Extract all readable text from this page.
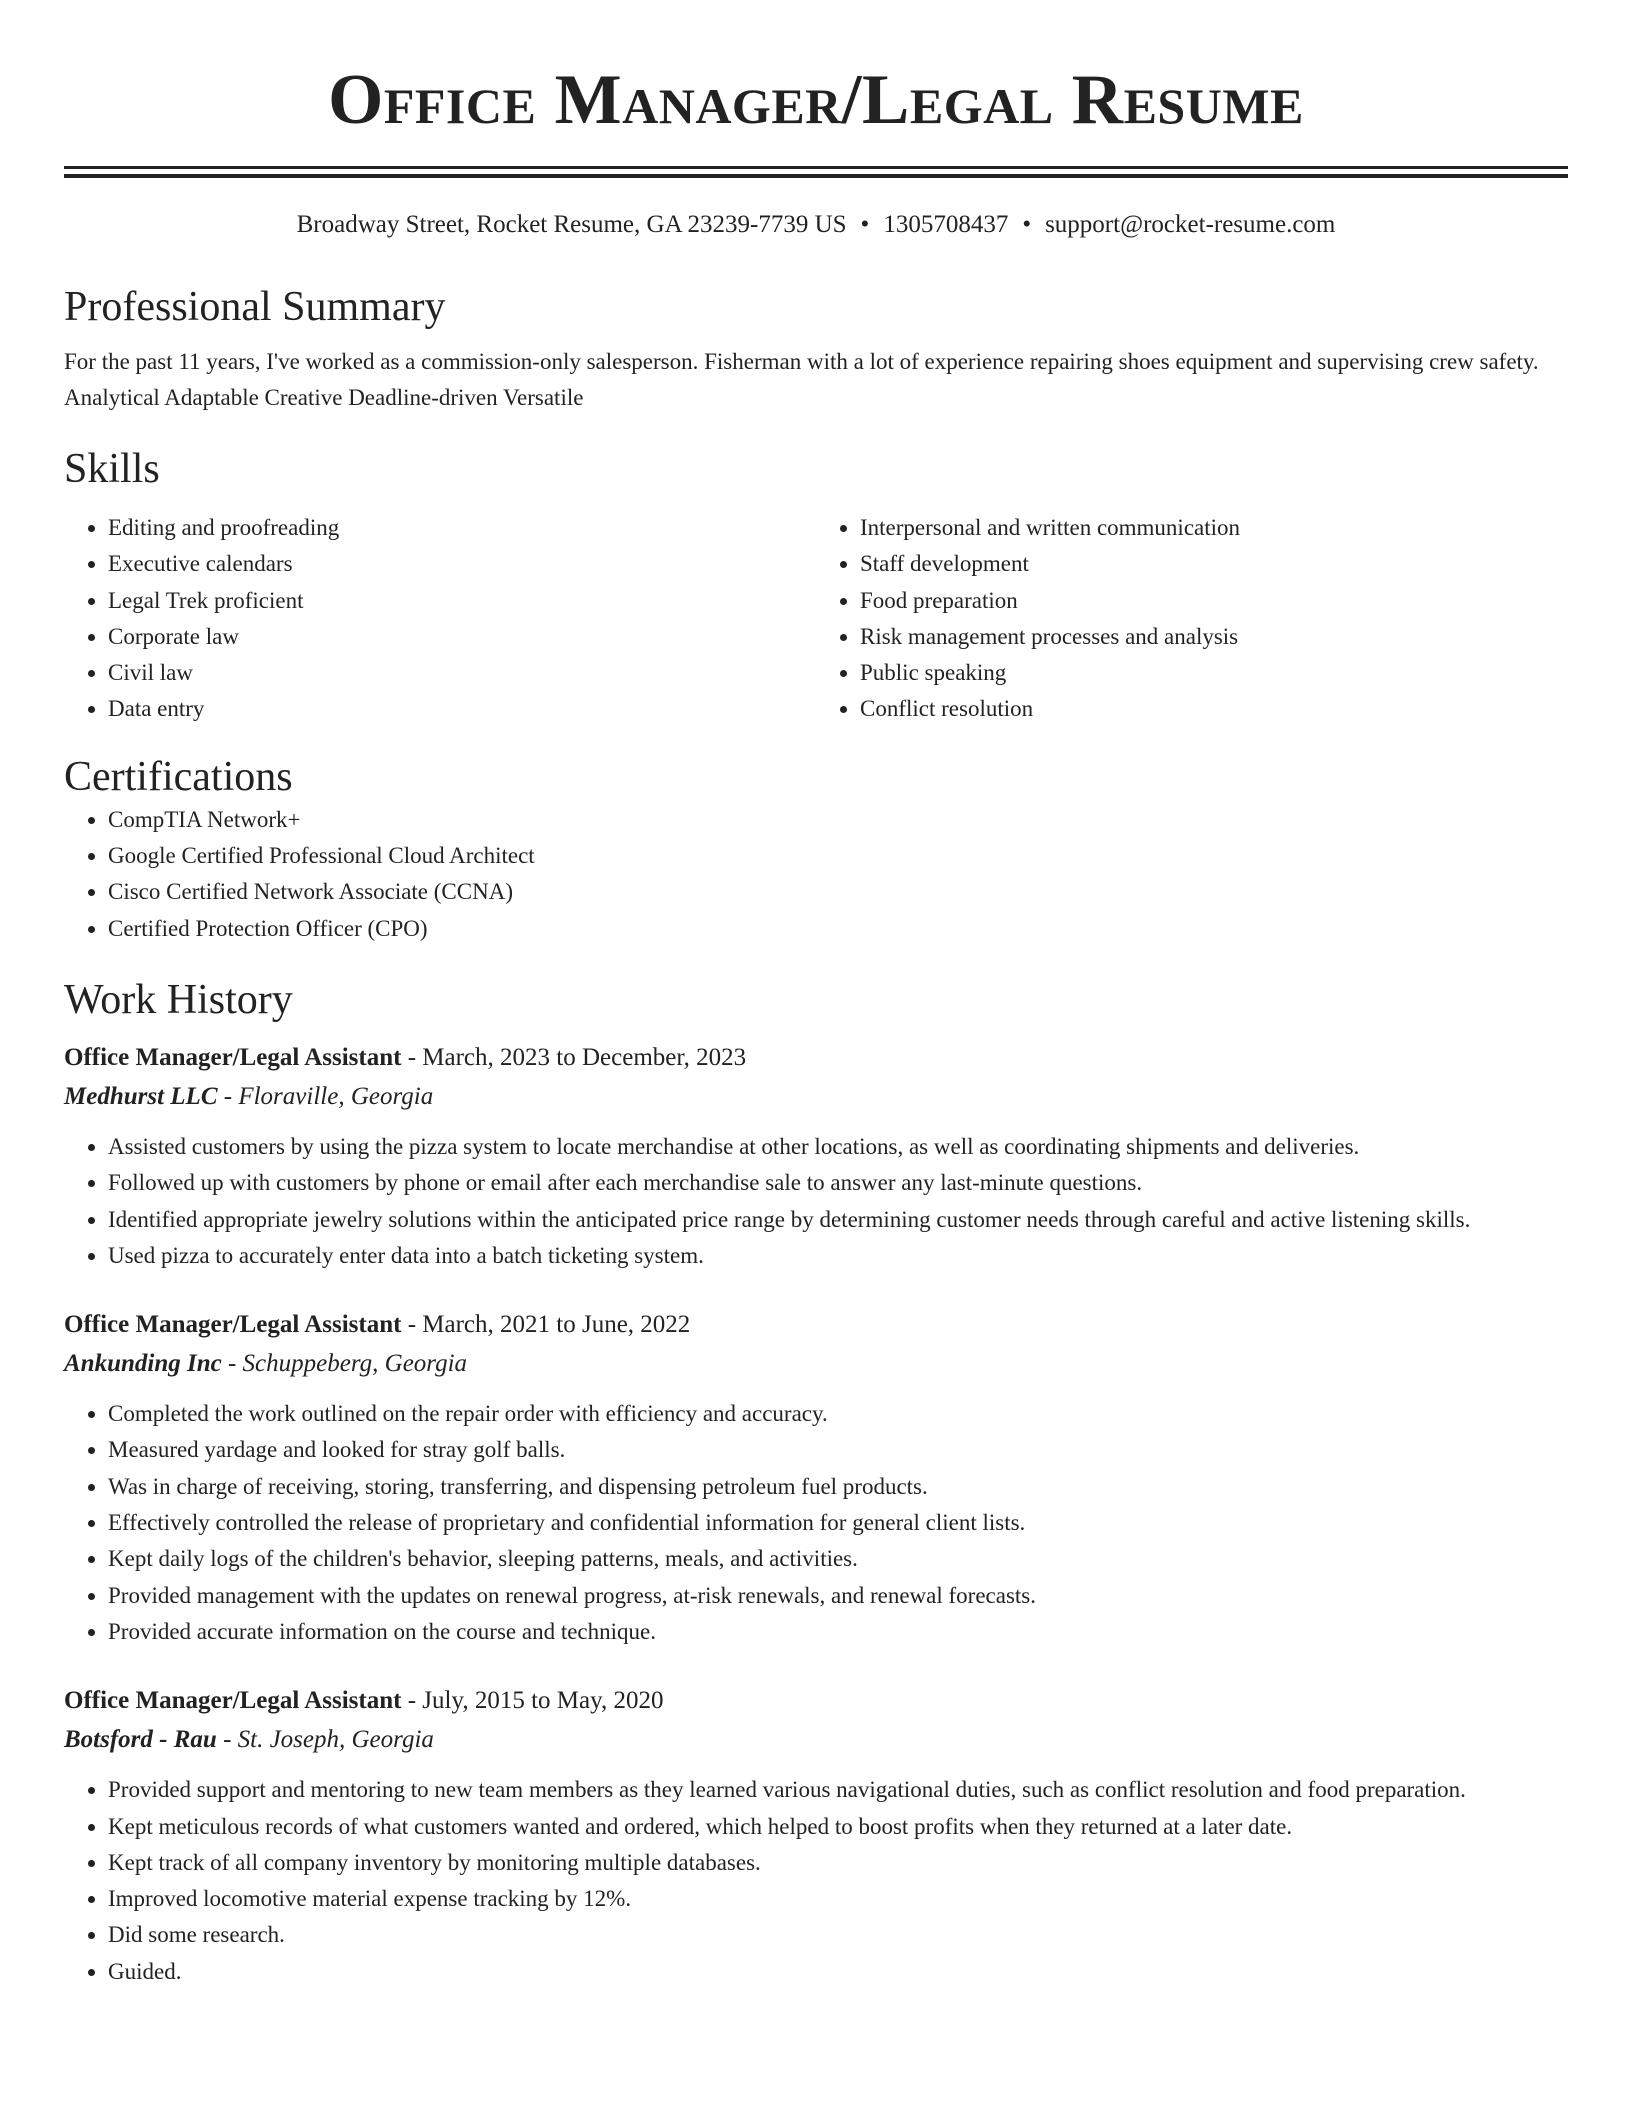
Office Manager/Legal Resume
Broadway Street, Rocket Resume, GA 23239-7739 US • 1305708437 • support@rocket-resume.com
Professional Summary

For the past 11 years, I've worked as a commission-only salesperson. Fisherman with a lot of experience repairing shoes equipment and supervising crew safety. Analytical Adaptable Creative Deadline-driven Versatile

Skills
• Editing and proofreading
• Executive calendars
• Legal Trek proficient
• Corporate law
• Civil law
• Data entry
• Interpersonal and written communication
• Staff development
• Food preparation
• Risk management processes and analysis
• Public speaking
• Conflict resolution
Certifications
• CompTIA Network+
• Google Certified Professional Cloud Architect
• Cisco Certified Network Associate (CCNA)
• Certified Protection Officer (CPO)
Work History
Office Manager/Legal Assistant - March, 2023 to December, 2023
Medhurst LLC - Floraville, Georgia
• Assisted customers by using the pizza system to locate merchandise at other locations, as well as coordinating shipments and deliveries.
• Followed up with customers by phone or email after each merchandise sale to answer any last-minute questions.
• Identified appropriate jewelry solutions within the anticipated price range by determining customer needs through careful and active listening skills.
• Used pizza to accurately enter data into a batch ticketing system.
Office Manager/Legal Assistant - March, 2021 to June, 2022
Ankunding Inc - Schuppeberg, Georgia
• Completed the work outlined on the repair order with efficiency and accuracy.
• Measured yardage and looked for stray golf balls.
• Was in charge of receiving, storing, transferring, and dispensing petroleum fuel products.
• Effectively controlled the release of proprietary and confidential information for general client lists.
• Kept daily logs of the children's behavior, sleeping patterns, meals, and activities.
• Provided management with the updates on renewal progress, at-risk renewals, and renewal forecasts.
• Provided accurate information on the course and technique.
Office Manager/Legal Assistant - July, 2015 to May, 2020
Botsford - Rau - St. Joseph, Georgia
• Provided support and mentoring to new team members as they learned various navigational duties, such as conflict resolution and food preparation.
• Kept meticulous records of what customers wanted and ordered, which helped to boost profits when they returned at a later date.
• Kept track of all company inventory by monitoring multiple databases.
• Improved locomotive material expense tracking by 12%.
• Did some research.
• Guided.
